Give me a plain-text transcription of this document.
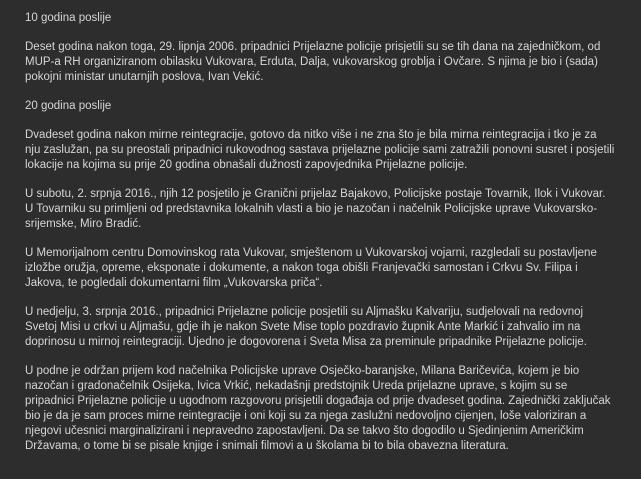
10 godina poslije

Deset godina nakon toga, 29. lipnja 2006. pripadnici Prijelazne policije prisjetili su se tih dana na zajedničkom, od MUP-a RH organiziranom obilasku Vukovara, Erduta, Dalja, vukovarskog groblja i Ovčare. S njima je bio i (sada) pokojni ministar unutarnjih poslova, Ivan Vekić.

20 godina poslije

Dvadeset godina nakon mirne reintegracije, gotovo da nitko više i ne zna što je bila mirna reintegracija i tko je za nju zaslužan, pa su preostali pripadnici rukovodnog sastava prijelazne policije sami zatražili ponovni susret i posjetili lokacije na kojima su prije 20 godina obnašali dužnosti zapovjednika Prijelazne policije.

U subotu, 2. srpnja 2016., njih 12 posjetilo je Granični prijelaz Bajakovo, Policijske postaje Tovarnik, Ilok i Vukovar. U Tovarniku su primljeni od predstavnika lokalnih vlasti a bio je nazočan i načelnik Policijske uprave Vukovarsko-srijemske, Miro Bradić.

U Memorijalnom centru Domovinskog rata Vukovar, smještenom u Vukovarskoj vojarni, razgledali su postavljene izložbe oružja, opreme, eksponate i dokumente, a nakon toga obišli Franjevački samostan i Crkvu Sv. Filipa i Jakova, te pogledali dokumentarni film „Vukovarska priča“.

U nedjelju, 3. srpnja 2016., pripadnici Prijelazne policije posjetili su Aljmašku Kalvariju, sudjelovali na redovnoj Svetoj Misi u crkvi u Aljmašu, gdje ih je nakon Svete Mise toplo pozdravio župnik Ante Markić i zahvalio im na doprinosu u mirnoj reintegraciji. Ujedno je dogovorena i Sveta Misa za preminule pripadnike Prijelazne policije.

U podne je održan prijem kod načelnika Policijske uprave Osječko-baranjske, Milana Baričevića, kojem je bio nazočan i gradonačelnik Osijeka, Ivica Vrkić, nekadašnji predstojnik Ureda prijelazne uprave, s kojim su se pripadnici Prijelazne policije u ugodnom razgovoru prisjetili događaja od prije dvadeset godina. Zajednički zaključak bio je da je sam proces mirne reintegracije i oni koji su za njega zaslužni nedovoljno cijenjen, loše valoriziran a njegovi učesnici marginalizirani i nepravedno zapostavljeni. Da se takvo što dogodilo u Sjedinjenim Američkim Državama, o tome bi se pisale knjige i snimali filmovi a u školama bi to bila obavezna literatura.
